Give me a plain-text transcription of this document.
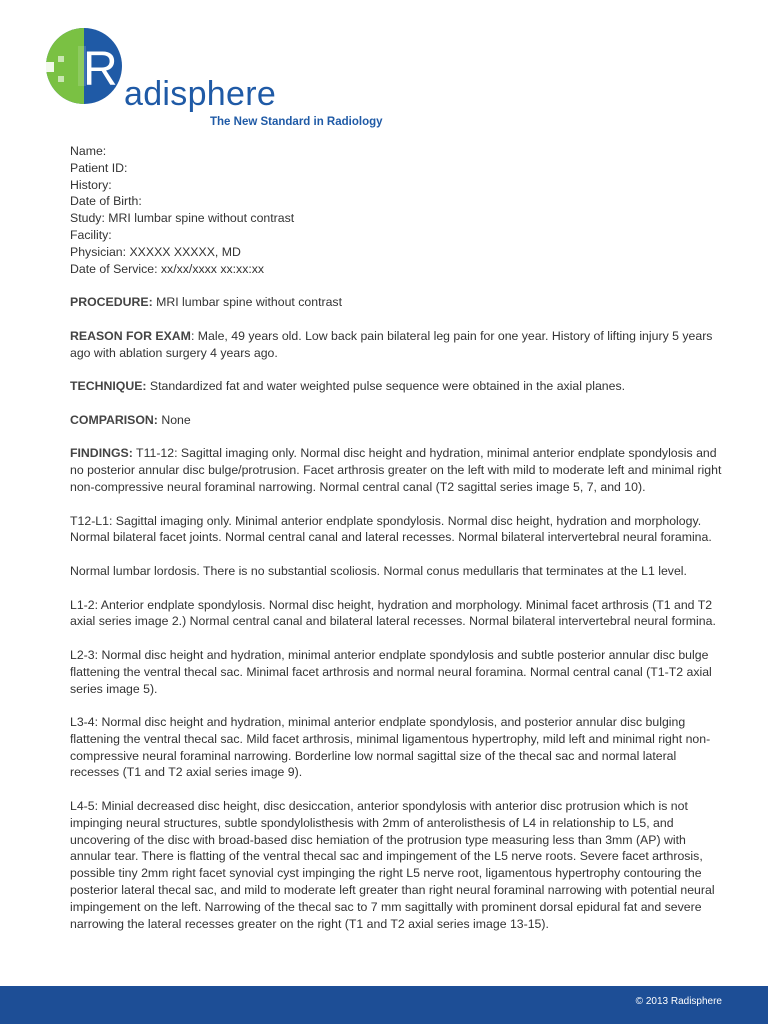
R adisphere
The New Standard in Radiology
Name:
Patient ID:
History:
Date of Birth:
Study: MRI lumbar spine without contrast
Facility:
Physician: XXXXX XXXXX, MD
Date of Service: xx/xx/xxxx xx:xx:xx

PROCEDURE: MRI lumbar spine without contrast

REASON FOR EXAM: Male, 49 years old. Low back pain bilateral leg pain for one year. History of lifting injury 5 years ago with ablation surgery 4 years ago.

TECHNIQUE: Standardized fat and water weighted pulse sequence were obtained in the axial planes.

COMPARISON: None

FINDINGS: T11-12: Sagittal imaging only. Normal disc height and hydration, minimal anterior endplate spondylosis and no posterior annular disc bulge/protrusion. Facet arthrosis greater on the left with mild to moderate left and minimal right non-compressive neural foraminal narrowing. Normal central canal (T2 sagittal series image 5, 7, and 10).

T12-L1: Sagittal imaging only. Minimal anterior endplate spondylosis. Normal disc height, hydration and morphology. Normal bilateral facet joints. Normal central canal and lateral recesses. Normal bilateral intervertebral neural foramina.

Normal lumbar lordosis. There is no substantial scoliosis. Normal conus medullaris that terminates at the L1 level.

L1-2: Anterior endplate spondylosis. Normal disc height, hydration and morphology. Minimal facet arthrosis (T1 and T2 axial series image 2.) Normal central canal and bilateral lateral recesses. Normal bilateral intervertebral neural formina.

L2-3: Normal disc height and hydration, minimal anterior endplate spondylosis and subtle posterior annular disc bulge flattening the ventral thecal sac. Minimal facet arthrosis and normal neural foramina. Normal central canal (T1-T2 axial series image 5).

L3-4: Normal disc height and hydration, minimal anterior endplate spondylosis, and posterior annular disc bulging flattening the ventral thecal sac. Mild facet arthrosis, minimal ligamentous hypertrophy, mild left and minimal right non-compressive neural foraminal narrowing. Borderline low normal sagittal size of the thecal sac and normal lateral recesses (T1 and T2 axial series image 9).

L4-5: Minial decreased disc height, disc desiccation, anterior spondylosis with anterior disc protrusion which is not impinging neural structures, subtle spondylolisthesis with 2mm of anterolisthesis of L4 in relationship to L5, and uncovering of the disc with broad-based disc hemiation of the protrusion type measuring less than 3mm (AP) with annular tear. There is flatting of the ventral thecal sac and impingement of the L5 nerve roots. Severe facet arthrosis, possible tiny 2mm right facet synovial cyst impinging the right L5 nerve root, ligamentous hypertrophy contouring the posterior lateral thecal sac, and mild to moderate left greater than right neural foraminal narrowing with potential neural impingement on the left. Narrowing of the thecal sac to 7 mm sagittally with prominent dorsal epidural fat and severe narrowing the lateral recesses greater on the right (T1 and T2 axial series image 13-15).

© 2013 Radisphere
